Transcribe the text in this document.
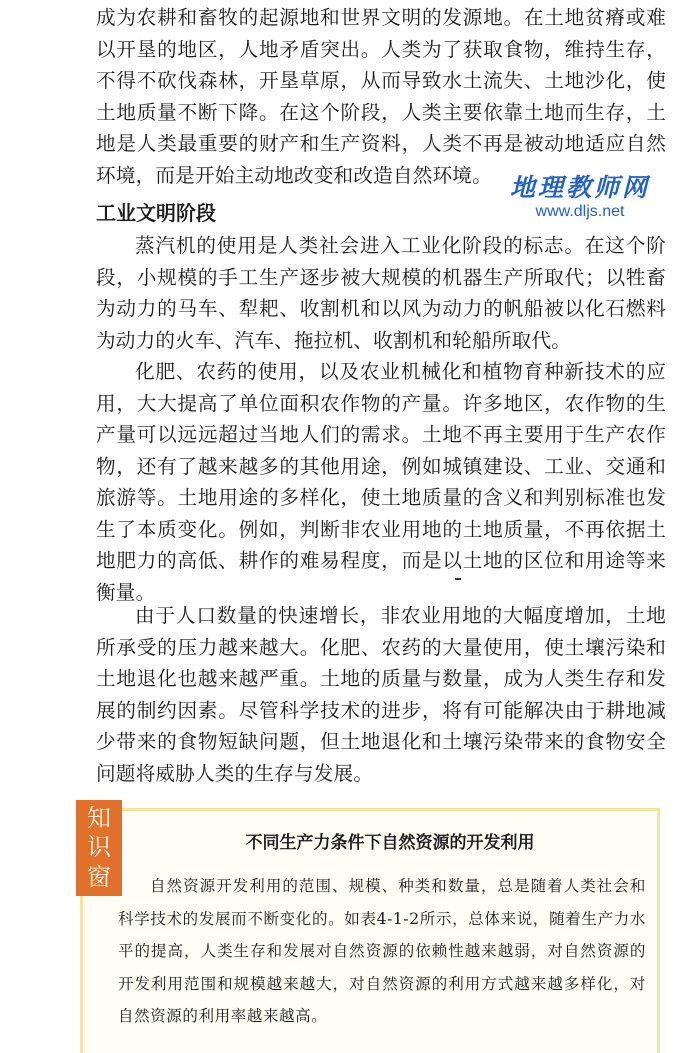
成为农耕和畜牧的起源地和世界文明的发源地。在土地贫瘠或难以开垦的地区，人地矛盾突出。人类为了获取食物，维持生存，不得不砍伐森林，开垦草原，从而导致水土流失、土地沙化，使土地质量不断下降。在这个阶段，人类主要依靠土地而生存，土地是人类最重要的财产和生产资料，人类不再是被动地适应自然环境，而是开始主动地改变和改造自然环境。 地理教师网
www.dljs.net
工业文明阶段

蒸汽机的使用是人类社会进入工业化阶段的标志。在这个阶段，小规模的手工生产逐步被大规模的机器生产所取代；以牲畜为动力的马车、犁耙、收割机和以风为动力的帆船被以化石燃料为动力的火车、汽车、拖拉机、收割机和轮船所取代。

化肥、农药的使用，以及农业机械化和植物育种新技术的应用，大大提高了单位面积农作物的产量。许多地区，农作物的生产量可以远远超过当地人们的需求。土地不再主要用于生产农作物，还有了越来越多的其他用途，例如城镇建设、工业、交通和旅游等。土地用途的多样化，使土地质量的含义和判别标准也发生了本质变化。例如，判断非农业用地的土地质量，不再依据土地肥力的高低、耕作的难易程度，而是以土地的区位和用途等来衡量。

由于人口数量的快速增长，非农业用地的大幅度增加，土地所承受的压力越来越大。化肥、农药的大量使用，使土壤污染和土地退化也越来越严重。土地的质量与数量，成为人类生存和发展的制约因素。尽管科学技术的进步，将有可能解决由于耕地减少带来的食物短缺问题，但土地退化和土壤污染带来的食物安全问题将威胁人类的生存与发展。

知
识
窗
不同生产力条件下自然资源的开发利用

自然资源开发利用的范围、规模、种类和数量，总是随着人类社会和科学技术的发展而不断变化的。如表4-1-2所示，总体来说，随着生产力水平的提高，人类生存和发展对自然资源的依赖性越来越弱，对自然资源的开发利用范围和规模越来越大，对自然资源的利用方式越来越多样化，对自然资源的利用率越来越高。
